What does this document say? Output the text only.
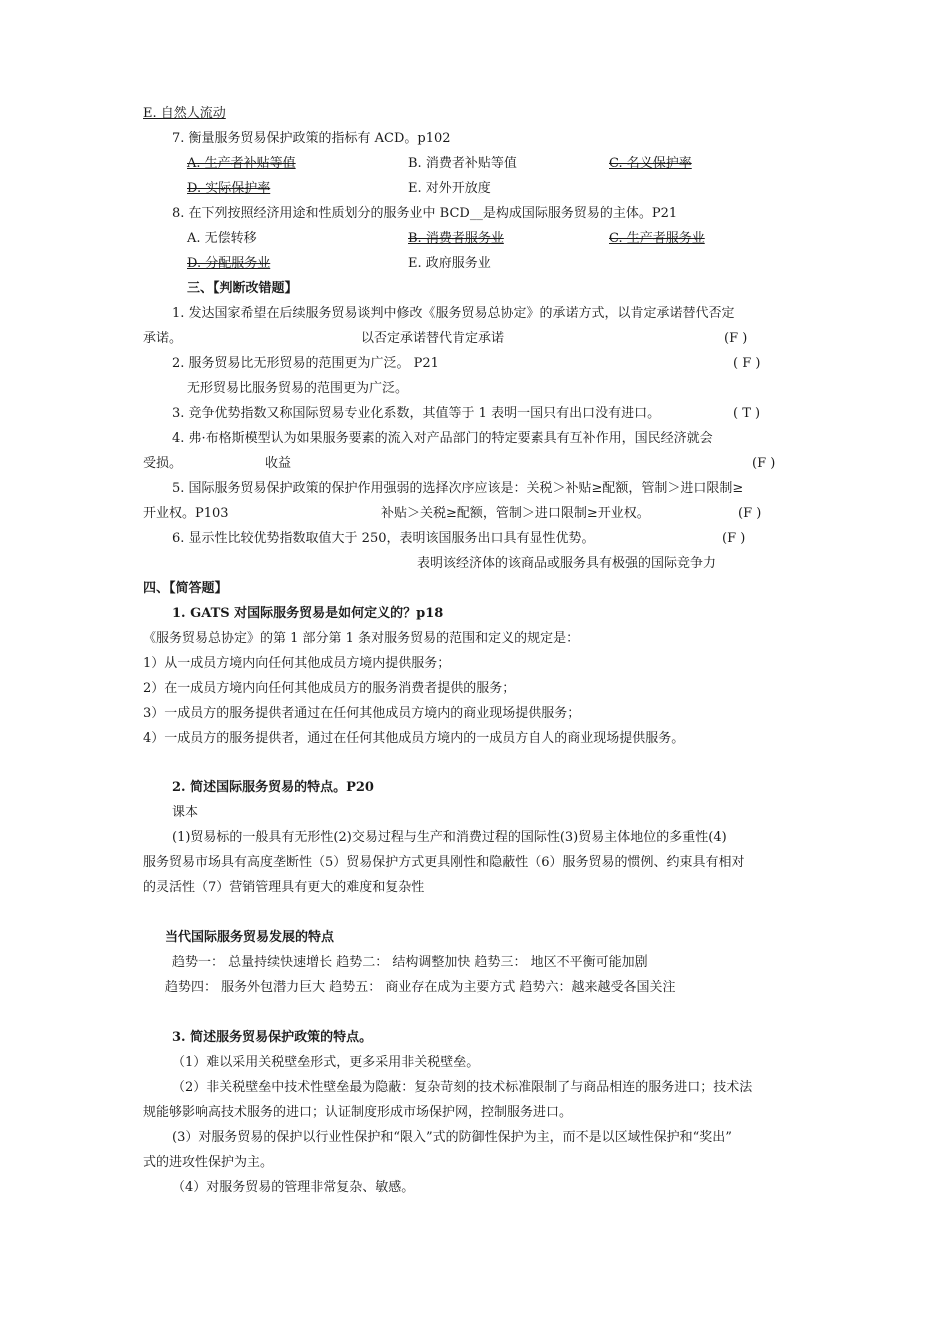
E. 自然人流动
7. 衡量服务贸易保护政策的指标有 ACD。p102
A. 生产者补贴等值	B. 消费者补贴等值	C. 名义保护率
D. 实际保护率	E. 对外开放度
8. 在下列按照经济用途和性质划分的服务业中 BCD__是构成国际服务贸易的主体。P21
A. 无偿转移	B. 消费者服务业	C. 生产者服务业
D. 分配服务业	E. 政府服务业
三、【判断改错题】
1. 发达国家希望在后续服务贸易谈判中修改《服务贸易总协定》的承诺方式，以肯定承诺替代否定
承诺。	以否定承诺替代肯定承诺	(F )
2. 服务贸易比无形贸易的范围更为广泛。 P21	( F )
无形贸易比服务贸易的范围更为广泛。
3. 竞争优势指数又称国际贸易专业化系数，其值等于 1 表明一国只有出口没有进口。	( T )
4. 弗·布格斯模型认为如果服务要素的流入对产品部门的特定要素具有互补作用，国民经济就会
受损。	收益	(F )
5. 国际服务贸易保护政策的保护作用强弱的选择次序应该是：关税＞补贴≥配额，管制＞进口限制≥
开业权。P103	补贴＞关税≥配额，管制＞进口限制≥开业权。	(F )
6. 显示性比较优势指数取值大于 250，表明该国服务出口具有显性优势。	(F )
表明该经济体的该商品或服务具有极强的国际竞争力
四、【简答题】
1. GATS 对国际服务贸易是如何定义的？p18
《服务贸易总协定》的第 1 部分第 1 条对服务贸易的范围和定义的规定是：
1）从一成员方境内向任何其他成员方境内提供服务；
2）在一成员方境内向任何其他成员方的服务消费者提供的服务；
3）一成员方的服务提供者通过在任何其他成员方境内的商业现场提供服务；
4）一成员方的服务提供者，通过在任何其他成员方境内的一成员方自人的商业现场提供服务。
2. 简述国际服务贸易的特点。P20
课本
(1)贸易标的一般具有无形性(2)交易过程与生产和消费过程的国际性(3)贸易主体地位的多重性(4)
服务贸易市场具有高度垄断性（5）贸易保护方式更具刚性和隐蔽性（6）服务贸易的惯例、约束具有相对
的灵活性（7）营销管理具有更大的难度和复杂性
当代国际服务贸易发展的特点
趋势一： 总量持续快速增长 趋势二： 结构调整加快 趋势三： 地区不平衡可能加剧
趋势四： 服务外包潜力巨大 趋势五： 商业存在成为主要方式 趋势六：越来越受各国关注
3. 简述服务贸易保护政策的特点。
（1）难以采用关税壁垒形式，更多采用非关税壁垒。
（2）非关税壁垒中技术性壁垒最为隐蔽：复杂苛刻的技术标准限制了与商品相连的服务进口；技术法
规能够影响高技术服务的进口；认证制度形成市场保护网，控制服务进口。
(3）对服务贸易的保护以行业性保护和“限入”式的防御性保护为主，而不是以区域性保护和“奖出”
式的进攻性保护为主。
（4）对服务贸易的管理非常复杂、敏感。
